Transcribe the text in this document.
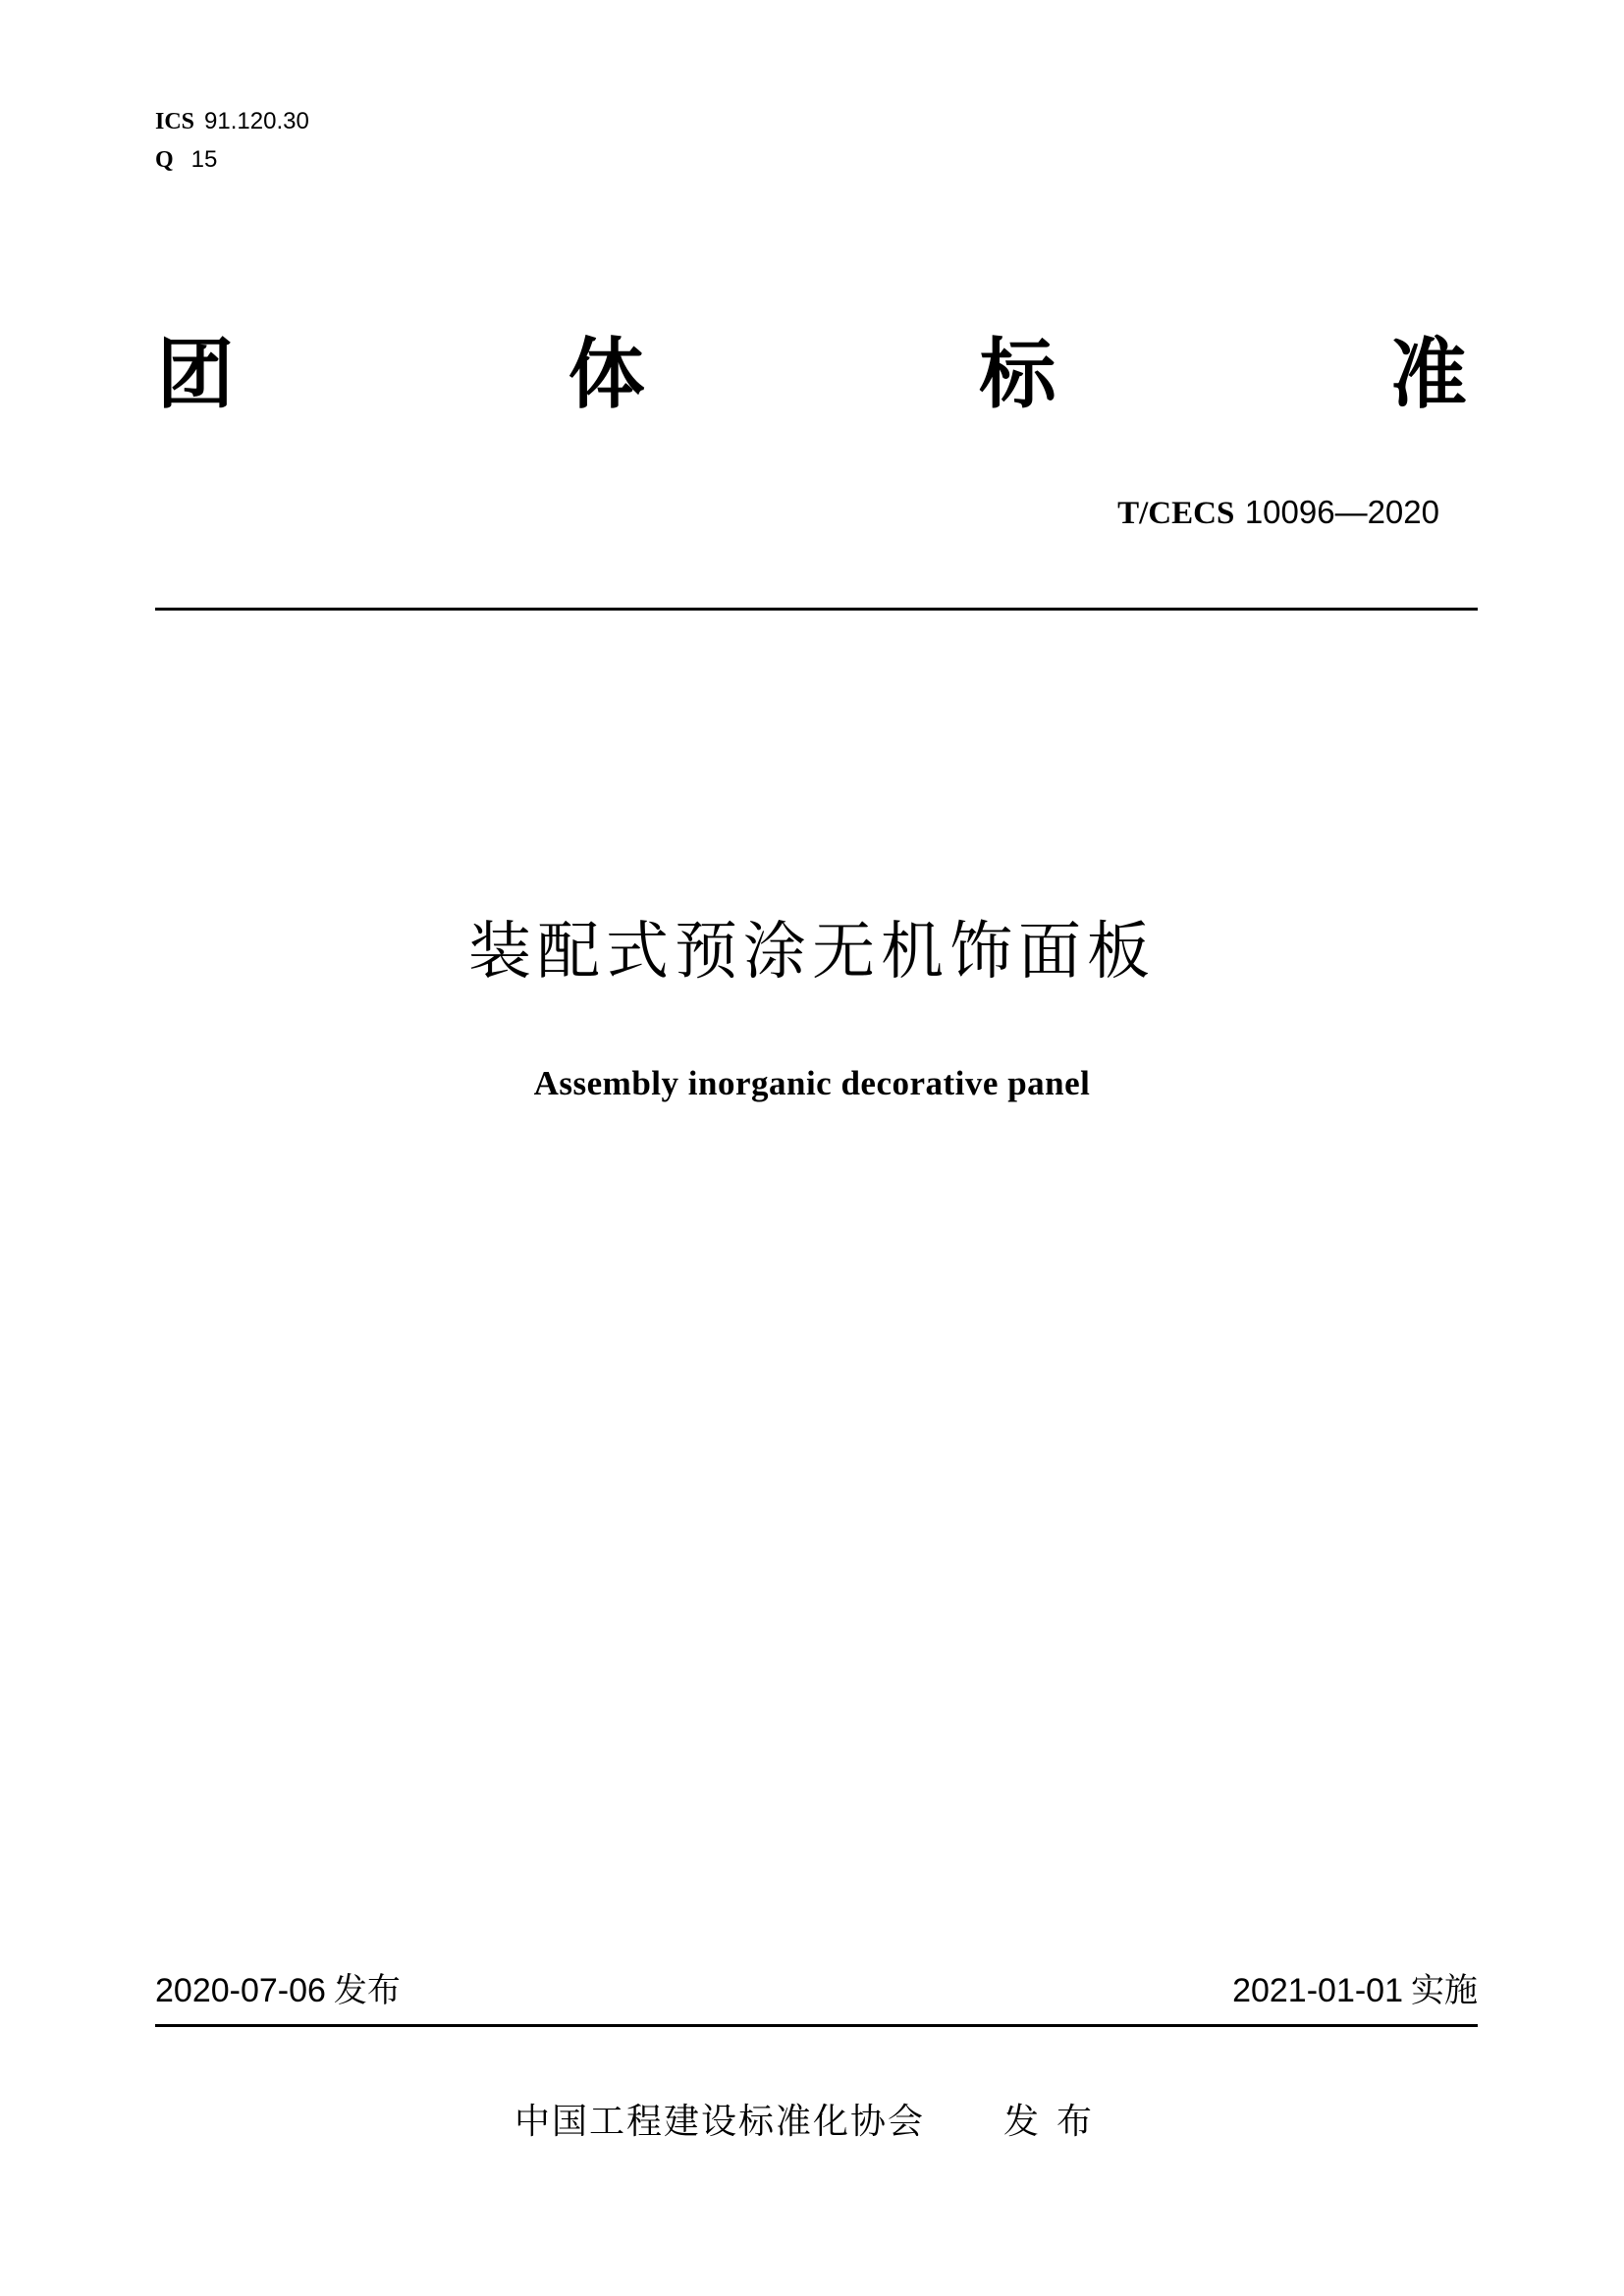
ICS 91.120.30
Q 15
团	体	标	准
T/CECS 10096—2020
装配式预涂无机饰面板
Assembly inorganic decorative panel
2020-07-06 发布	2021-01-01 实施
中国工程建设标准化协会 发布
